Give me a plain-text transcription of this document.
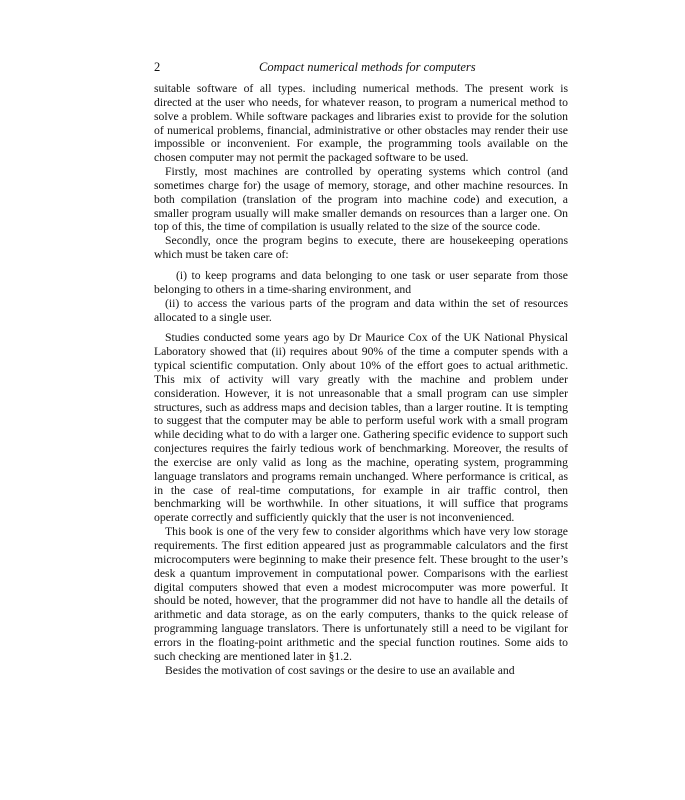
2	Compact numerical methods for computers

suitable software of all types. including numerical methods. The present work is directed at the user who needs, for whatever reason, to program a numerical method to solve a problem. While software packages and libraries exist to provide for the solution of numerical problems, financial, administrative or other obstacles may render their use impossible or inconvenient. For example, the programming tools available on the chosen computer may not permit the packaged software to be used.

Firstly, most machines are controlled by operating systems which control (and sometimes charge for) the usage of memory, storage, and other machine resources. In both compilation (translation of the program into machine code) and execution, a smaller program usually will make smaller demands on resources than a larger one. On top of this, the time of compilation is usually related to the size of the source code.

Secondly, once the program begins to execute, there are housekeeping operations which must be taken care of:

(i) to keep programs and data belonging to one task or user separate from those belonging to others in a time-sharing environment, and

(ii) to access the various parts of the program and data within the set of resources allocated to a single user.

Studies conducted some years ago by Dr Maurice Cox of the UK National Physical Laboratory showed that (ii) requires about 90% of the time a computer spends with a typical scientific computation. Only about 10% of the effort goes to actual arithmetic. This mix of activity will vary greatly with the machine and problem under consideration. However, it is not unreasonable that a small program can use simpler structures, such as address maps and decision tables, than a larger routine. It is tempting to suggest that the computer may be able to perform useful work with a small program while deciding what to do with a larger one. Gathering specific evidence to support such conjectures requires the fairly tedious work of benchmarking. Moreover, the results of the exercise are only valid as long as the machine, operating system, programming language translators and programs remain unchanged. Where performance is critical, as in the case of real-time computations, for example in air traffic control, then benchmarking will be worthwhile. In other situations, it will suffice that programs operate correctly and sufficiently quickly that the user is not inconvenienced.

This book is one of the very few to consider algorithms which have very low storage requirements. The first edition appeared just as programmable calculators and the first microcomputers were beginning to make their presence felt. These brought to the user’s desk a quantum improvement in computational power. Comparisons with the earliest digital computers showed that even a modest microcomputer was more powerful. It should be noted, however, that the programmer did not have to handle all the details of arithmetic and data storage, as on the early computers, thanks to the quick release of programming language translators. There is unfortunately still a need to be vigilant for errors in the floating-point arithmetic and the special function routines. Some aids to such checking are mentioned later in §1.2.

Besides the motivation of cost savings or the desire to use an available and
